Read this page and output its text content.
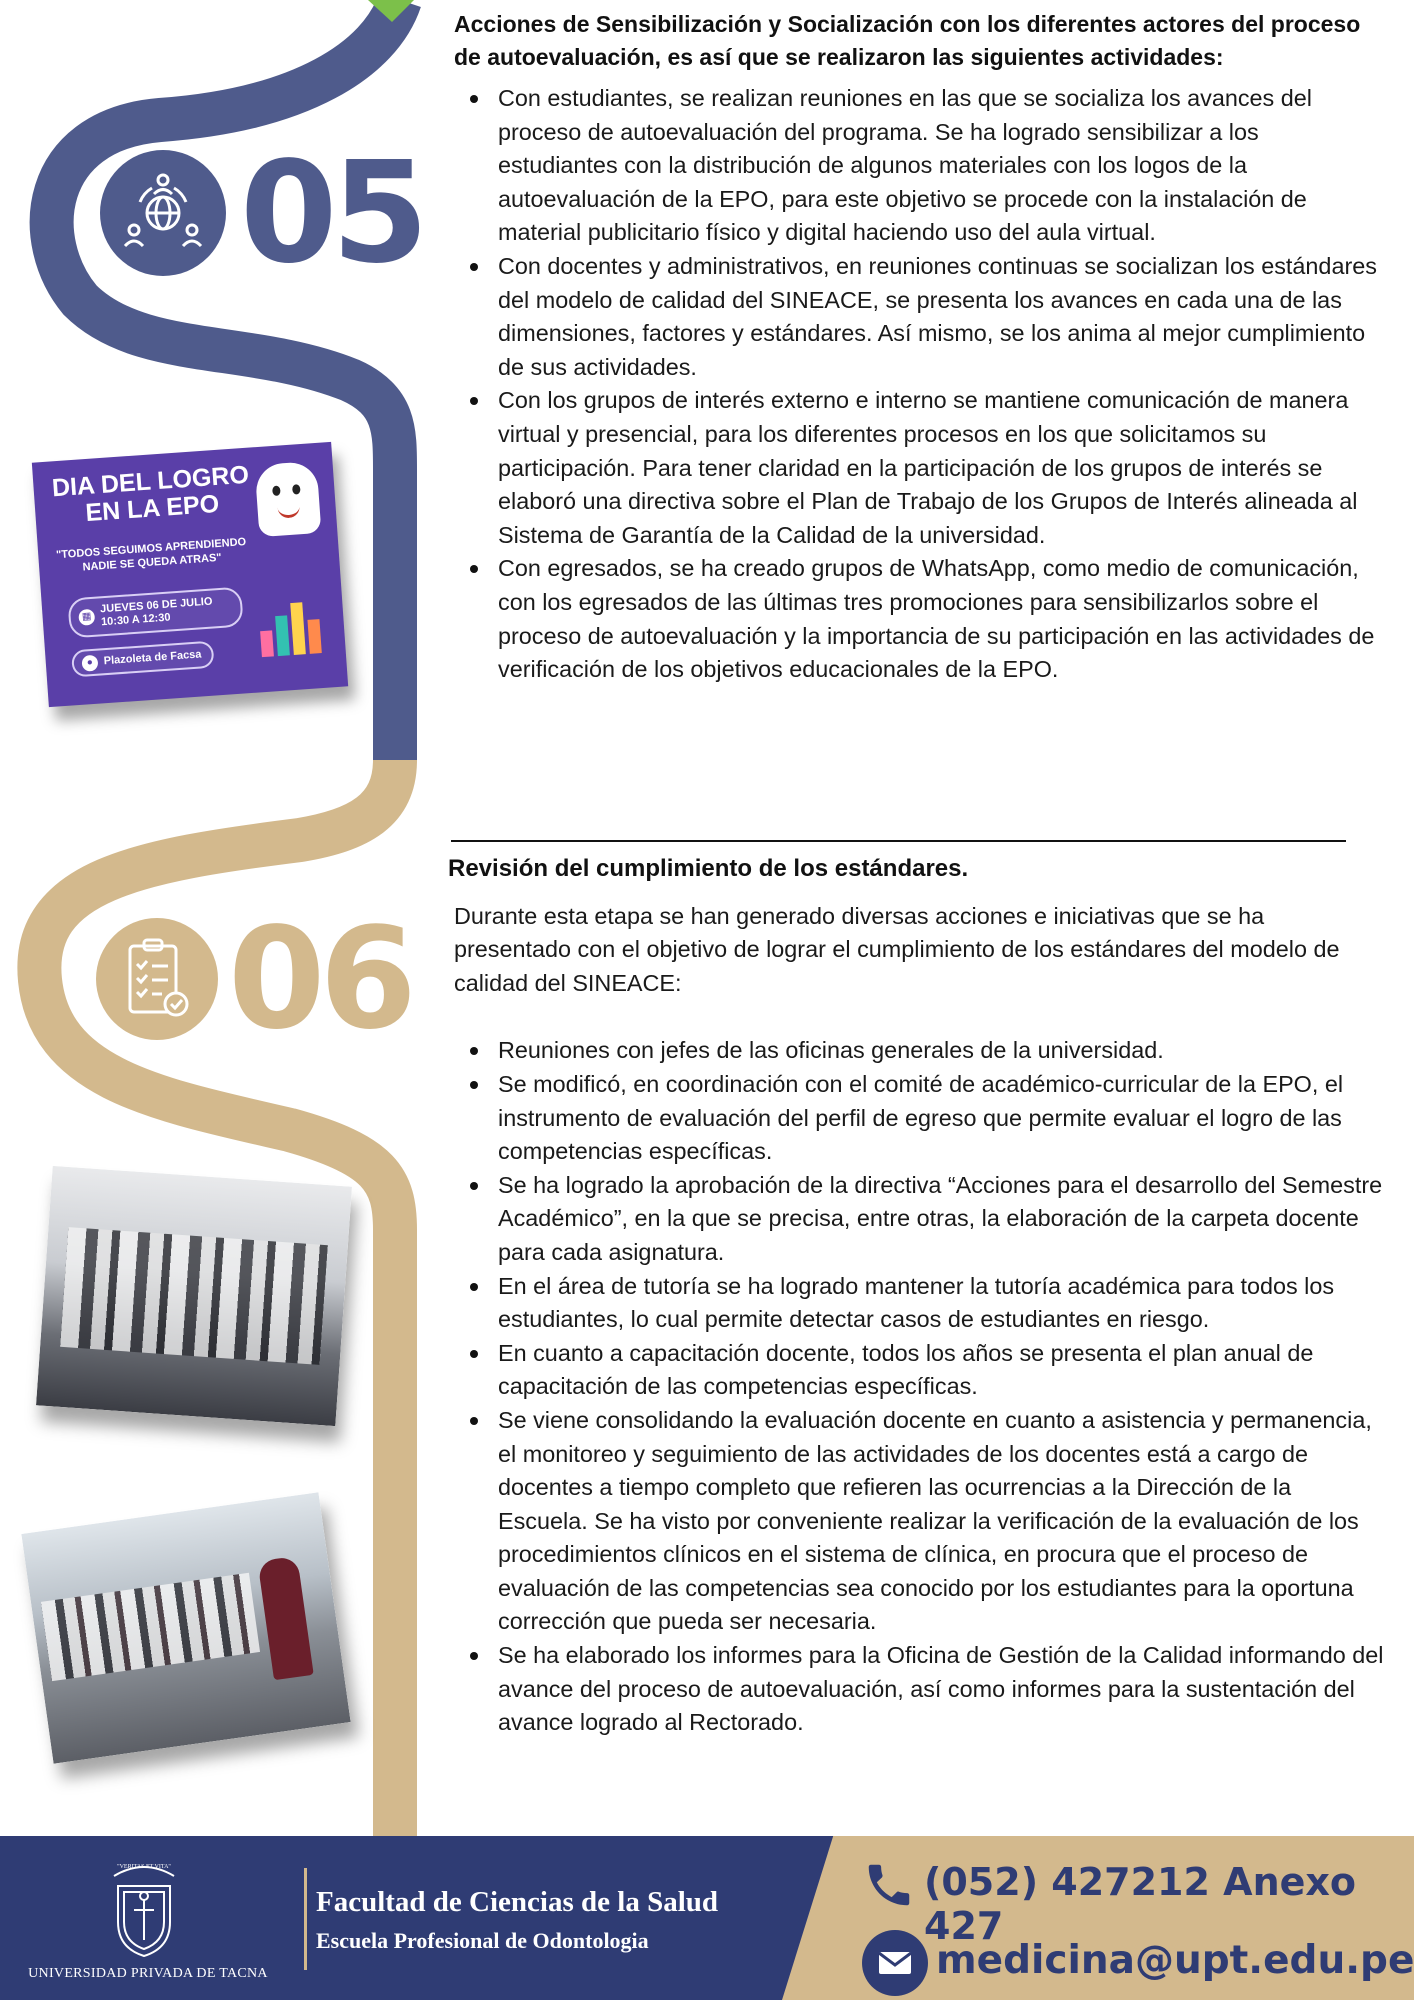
05
DIA DEL LOGRO EN LA EPO
"TODOS SEGUIMOS APRENDIENDO NADIE SE QUEDA ATRAS"
▦
JUEVES 06 DE JULIO 10:30 A 12:30
● Plazoleta de Facsa
06
Acciones de Sensibilización y Socialización con los diferentes actores del proceso de autoevaluación, es así que se realizaron las siguientes actividades:
Con estudiantes, se realizan reuniones en las que se socializa los avances del proceso de autoevaluación del programa. Se ha logrado sensibilizar a los estudiantes con la distribución de algunos materiales con los logos de la autoevaluación de la EPO, para este objetivo se procede con la instalación de material publicitario físico y digital haciendo uso del aula virtual.
Con docentes y administrativos, en reuniones continuas se socializan los estándares del modelo de calidad del SINEACE, se presenta los avances en cada una de las dimensiones, factores y estándares. Así mismo, se los anima al mejor cumplimiento de sus actividades.
Con los grupos de interés externo e interno se mantiene comunicación de manera virtual y presencial, para los diferentes procesos en los que solicitamos su participación. Para tener claridad en la participación de los grupos de interés se elaboró una directiva sobre el Plan de Trabajo de los Grupos de Interés alineada al Sistema de Garantía de la Calidad de la universidad.
Con egresados, se ha creado grupos de WhatsApp, como medio de comunicación, con los egresados de las últimas tres promociones para sensibilizarlos sobre el proceso de autoevaluación y la importancia de su participación en las actividades de verificación de los objetivos educacionales de la EPO.
Revisión del cumplimiento de los estándares.
Durante esta etapa se han generado diversas acciones e iniciativas que se ha presentado con el objetivo de lograr el cumplimiento de los estándares del modelo de calidad del SINEACE:
Reuniones con jefes de las oficinas generales de la universidad.
Se modificó, en coordinación con el comité de académico-curricular de la EPO, el instrumento de evaluación del perfil de egreso que permite evaluar el logro de las competencias específicas.
Se ha logrado la aprobación de la directiva “Acciones para el desarrollo del Semestre Académico”, en la que se precisa, entre otras, la elaboración de la carpeta docente para cada asignatura.
En el área de tutoría se ha logrado mantener la tutoría académica para todos los estudiantes, lo cual permite detectar casos de estudiantes en riesgo.
En cuanto a capacitación docente, todos los años se presenta el plan anual de capacitación de las competencias específicas.
Se viene consolidando la evaluación docente en cuanto a asistencia y permanencia, el monitoreo y seguimiento de las actividades de los docentes está a cargo de docentes a tiempo completo que refieren las ocurrencias a la Dirección de la Escuela. Se ha visto por conveniente realizar la verificación de la evaluación de los procedimientos clínicos en el sistema de clínica, en procura que el proceso de evaluación de las competencias sea conocido por los estudiantes para la oportuna corrección que pueda ser necesaria.
Se ha elaborado los informes para la Oficina de Gestión de la Calidad informando del avance del proceso de autoevaluación, así como informes para la sustentación del avance logrado al Rectorado.
"VERITAS ET VITA"
UNIVERSIDAD PRIVADA DE TACNA
Facultad de Ciencias de la Salud
Escuela Profesional de Odontologia
(052) 427212 Anexo 427
medicina@upt.edu.pe
